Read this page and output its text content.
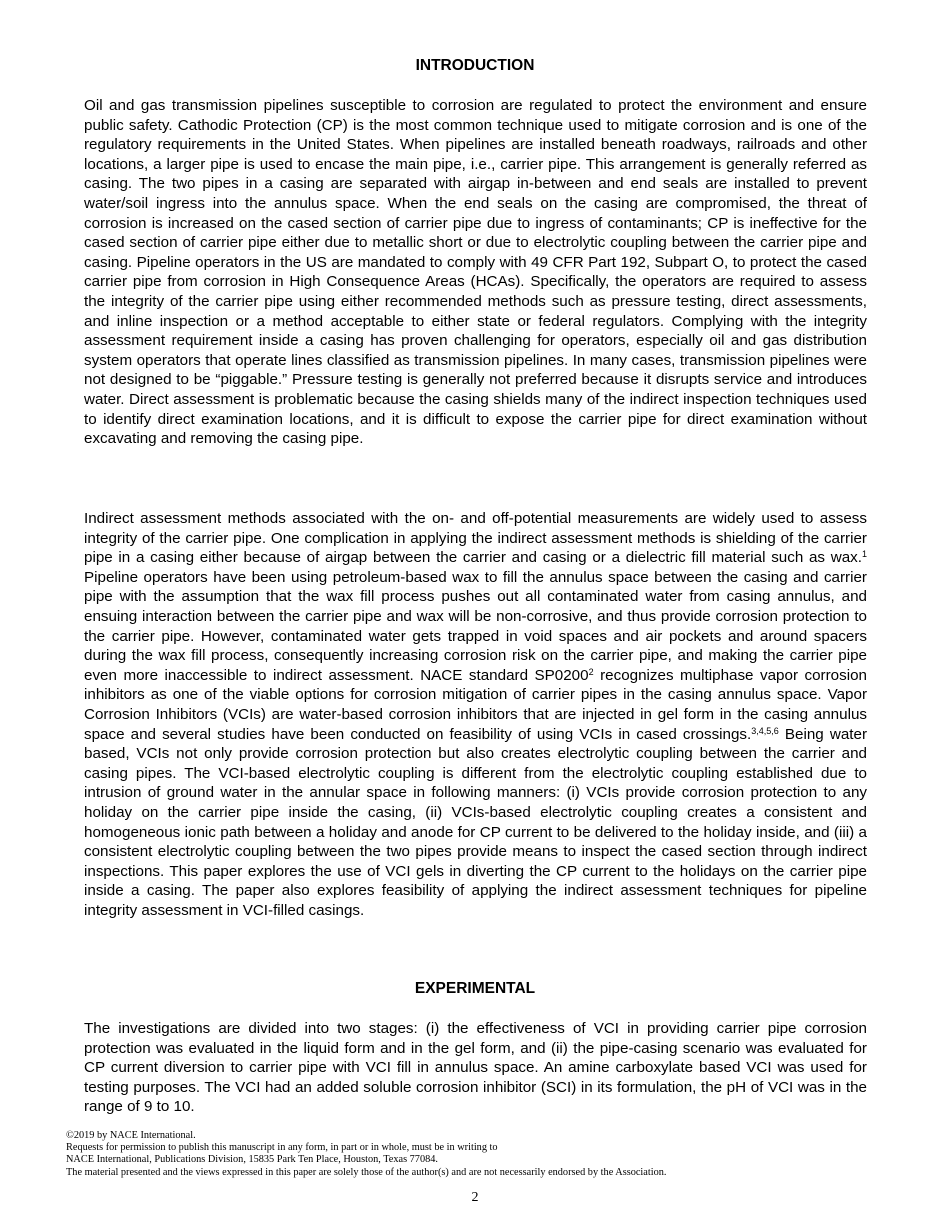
INTRODUCTION

Oil and gas transmission pipelines susceptible to corrosion are regulated to protect the environment and ensure public safety. Cathodic Protection (CP) is the most common technique used to mitigate corrosion and is one of the regulatory requirements in the United States. When pipelines are installed beneath roadways, railroads and other locations, a larger pipe is used to encase the main pipe, i.e., carrier pipe. This arrangement is generally referred as casing. The two pipes in a casing are separated with airgap in-between and end seals are installed to prevent water/soil ingress into the annulus space. When the end seals on the casing are compromised, the threat of corrosion is increased on the cased section of carrier pipe due to ingress of contaminants; CP is ineffective for the cased section of carrier pipe either due to metallic short or due to electrolytic coupling between the carrier pipe and casing. Pipeline operators in the US are mandated to comply with 49 CFR Part 192, Subpart O, to protect the cased carrier pipe from corrosion in High Consequence Areas (HCAs). Specifically, the operators are required to assess the integrity of the carrier pipe using either recommended methods such as pressure testing, direct assessments, and inline inspection or a method acceptable to either state or federal regulators. Complying with the integrity assessment requirement inside a casing has proven challenging for operators, especially oil and gas distribution system operators that operate lines classified as transmission pipelines. In many cases, transmission pipelines were not designed to be “piggable.” Pressure testing is generally not preferred because it disrupts service and introduces water. Direct assessment is problematic because the casing shields many of the indirect inspection techniques used to identify direct examination locations, and it is difficult to expose the carrier pipe for direct examination without excavating and removing the casing pipe.

Indirect assessment methods associated with the on- and off-potential measurements are widely used to assess integrity of the carrier pipe. One complication in applying the indirect assessment methods is shielding of the carrier pipe in a casing either because of airgap between the carrier and casing or a dielectric fill material such as wax.$^1$ Pipeline operators have been using petroleum-based wax to fill the annulus space between the casing and carrier pipe with the assumption that the wax fill process pushes out all contaminated water from casing annulus, and ensuing interaction between the carrier pipe and wax will be non-corrosive, and thus provide corrosion protection to the carrier pipe. However, contaminated water gets trapped in void spaces and air pockets and around spacers during the wax fill process, consequently increasing corrosion risk on the carrier pipe, and making the carrier pipe even more inaccessible to indirect assessment. NACE standard SP0200$^2$ recognizes multiphase vapor corrosion inhibitors as one of the viable options for corrosion mitigation of carrier pipes in the casing annulus space. Vapor Corrosion Inhibitors (VCIs) are water-based corrosion inhibitors that are injected in gel form in the casing annulus space and several studies have been conducted on feasibility of using VCIs in cased crossings.$^{3,4,5,6}$ Being water based, VCIs not only provide corrosion protection but also creates electrolytic coupling between the carrier and casing pipes. The VCI-based electrolytic coupling is different from the electrolytic coupling established due to intrusion of ground water in the annular space in following manners: (i) VCIs provide corrosion protection to any holiday on the carrier pipe inside the casing, (ii) VCIs-based electrolytic coupling creates a consistent and homogeneous ionic path between a holiday and anode for CP current to be delivered to the holiday inside, and (iii) a consistent electrolytic coupling between the two pipes provide means to inspect the cased section through indirect inspections. This paper explores the use of VCI gels in diverting the CP current to the holidays on the carrier pipe inside a casing. The paper also explores feasibility of applying the indirect assessment techniques for pipeline integrity assessment in VCI-filled casings.

EXPERIMENTAL

The investigations are divided into two stages: (i) the effectiveness of VCI in providing carrier pipe corrosion protection was evaluated in the liquid form and in the gel form, and (ii) the pipe-casing scenario was evaluated for CP current diversion to carrier pipe with VCI fill in annulus space. An amine carboxylate based VCI was used for testing purposes. The VCI had an added soluble corrosion inhibitor (SCI) in its formulation, the pH of VCI was in the range of 9 to 10.

©2019 by NACE International.
Requests for permission to publish this manuscript in any form, in part or in whole, must be in writing to
NACE International, Publications Division, 15835 Park Ten Place, Houston, Texas 77084.
The material presented and the views expressed in this paper are solely those of the author(s) and are not necessarily endorsed by the Association.
2
